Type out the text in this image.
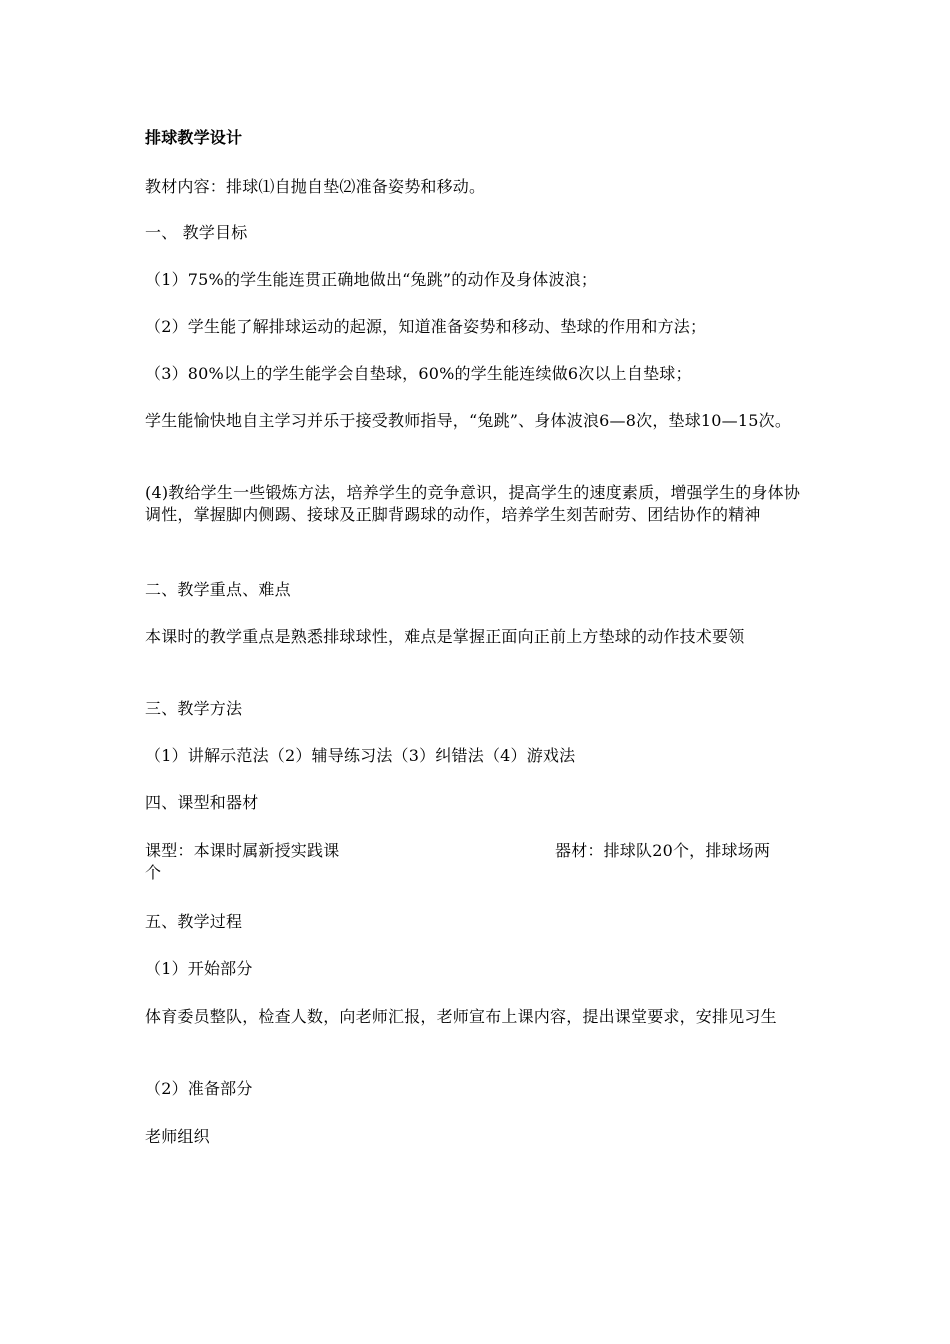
排球教学设计
教材内容：排球⑴自抛自垫⑵准备姿势和移动。
一、 教学目标
（1）75%的学生能连贯正确地做出“兔跳”的动作及身体波浪；
（2）学生能了解排球运动的起源，知道准备姿势和移动、垫球的作用和方法；
（3）80%以上的学生能学会自垫球，60%的学生能连续做6次以上自垫球；
学生能愉快地自主学习并乐于接受教师指导，“兔跳”、身体波浪6—8次，垫球10—15次。
(4)教给学生一些锻炼方法，培养学生的竞争意识，提高学生的速度素质，增强学生的身体协调性，掌握脚内侧踢、接球及正脚背踢球的动作，培养学生刻苦耐劳、团结协作的精神
二、教学重点、难点
本课时的教学重点是熟悉排球球性，难点是掌握正面向正前上方垫球的动作技术要领
三、教学方法
（1）讲解示范法（2）辅导练习法（3）纠错法（4）游戏法
四、课型和器材
课型：本课时属新授实践课	器材：排球队20个，排球场两
个
五、教学过程
（1）开始部分
体育委员整队，检查人数，向老师汇报，老师宣布上课内容，提出课堂要求，安排见习生
（2）准备部分
老师组织
